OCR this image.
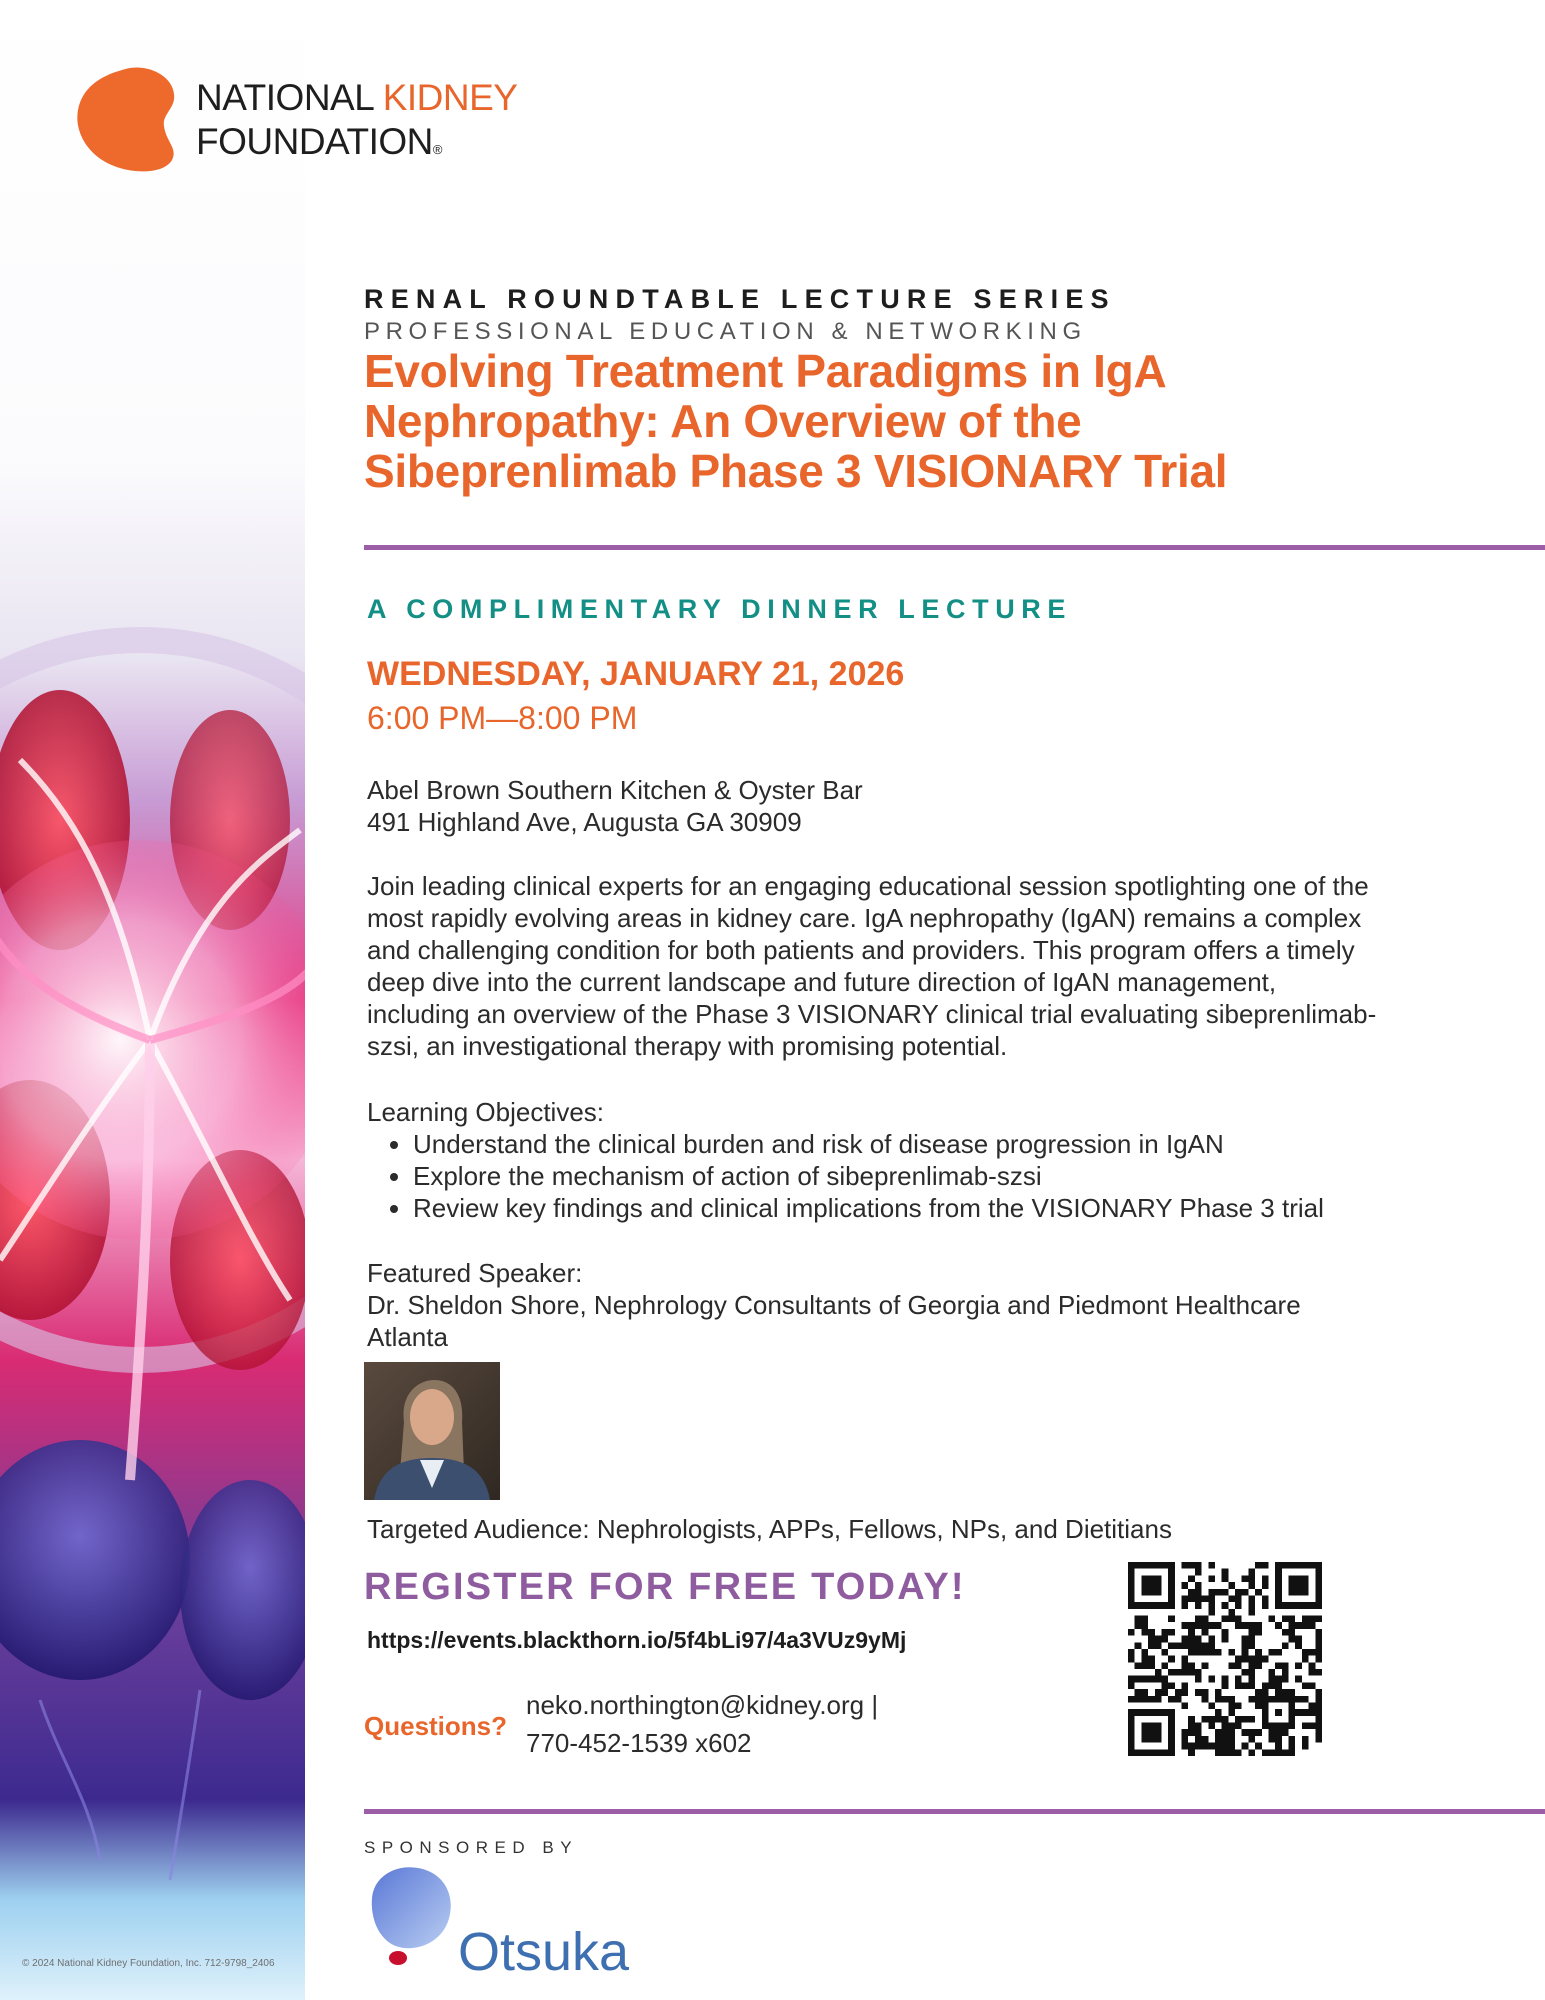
NATIONAL KIDNEY
FOUNDATION®
RENAL ROUNDTABLE LECTURE SERIES
PROFESSIONAL EDUCATION & NETWORKING
Evolving Treatment Paradigms in IgA
Nephropathy: An Overview of the
Sibeprenlimab Phase 3 VISIONARY Trial
A COMPLIMENTARY DINNER LECTURE
WEDNESDAY, JANUARY 21, 2026
6:00 PM—8:00 PM
Abel Brown Southern Kitchen & Oyster Bar
491 Highland Ave, Augusta GA 30909
Join leading clinical experts for an engaging educational session spotlighting one of the
most rapidly evolving areas in kidney care. IgA nephropathy (IgAN) remains a complex
and challenging condition for both patients and providers. This program offers a timely
deep dive into the current landscape and future direction of IgAN management,
including an overview of the Phase 3 VISIONARY clinical trial evaluating sibeprenlimab-
szsi, an investigational therapy with promising potential.
Learning Objectives:
• Understand the clinical burden and risk of disease progression in IgAN
• Explore the mechanism of action of sibeprenlimab-szsi
• Review key findings and clinical implications from the VISIONARY Phase 3 trial
Featured Speaker:
Dr. Sheldon Shore, Nephrology Consultants of Georgia and Piedmont Healthcare
Atlanta
Targeted Audience: Nephrologists, APPs, Fellows, NPs, and Dietitians
REGISTER FOR FREE TODAY!
https://events.blackthorn.io/5f4bLi97/4a3VUz9yMj
Questions?
neko.northington@kidney.org |
770-452-1539 x602
SPONSORED BY
Otsuka
© 2024 National Kidney Foundation, Inc. 712-9798_2406
